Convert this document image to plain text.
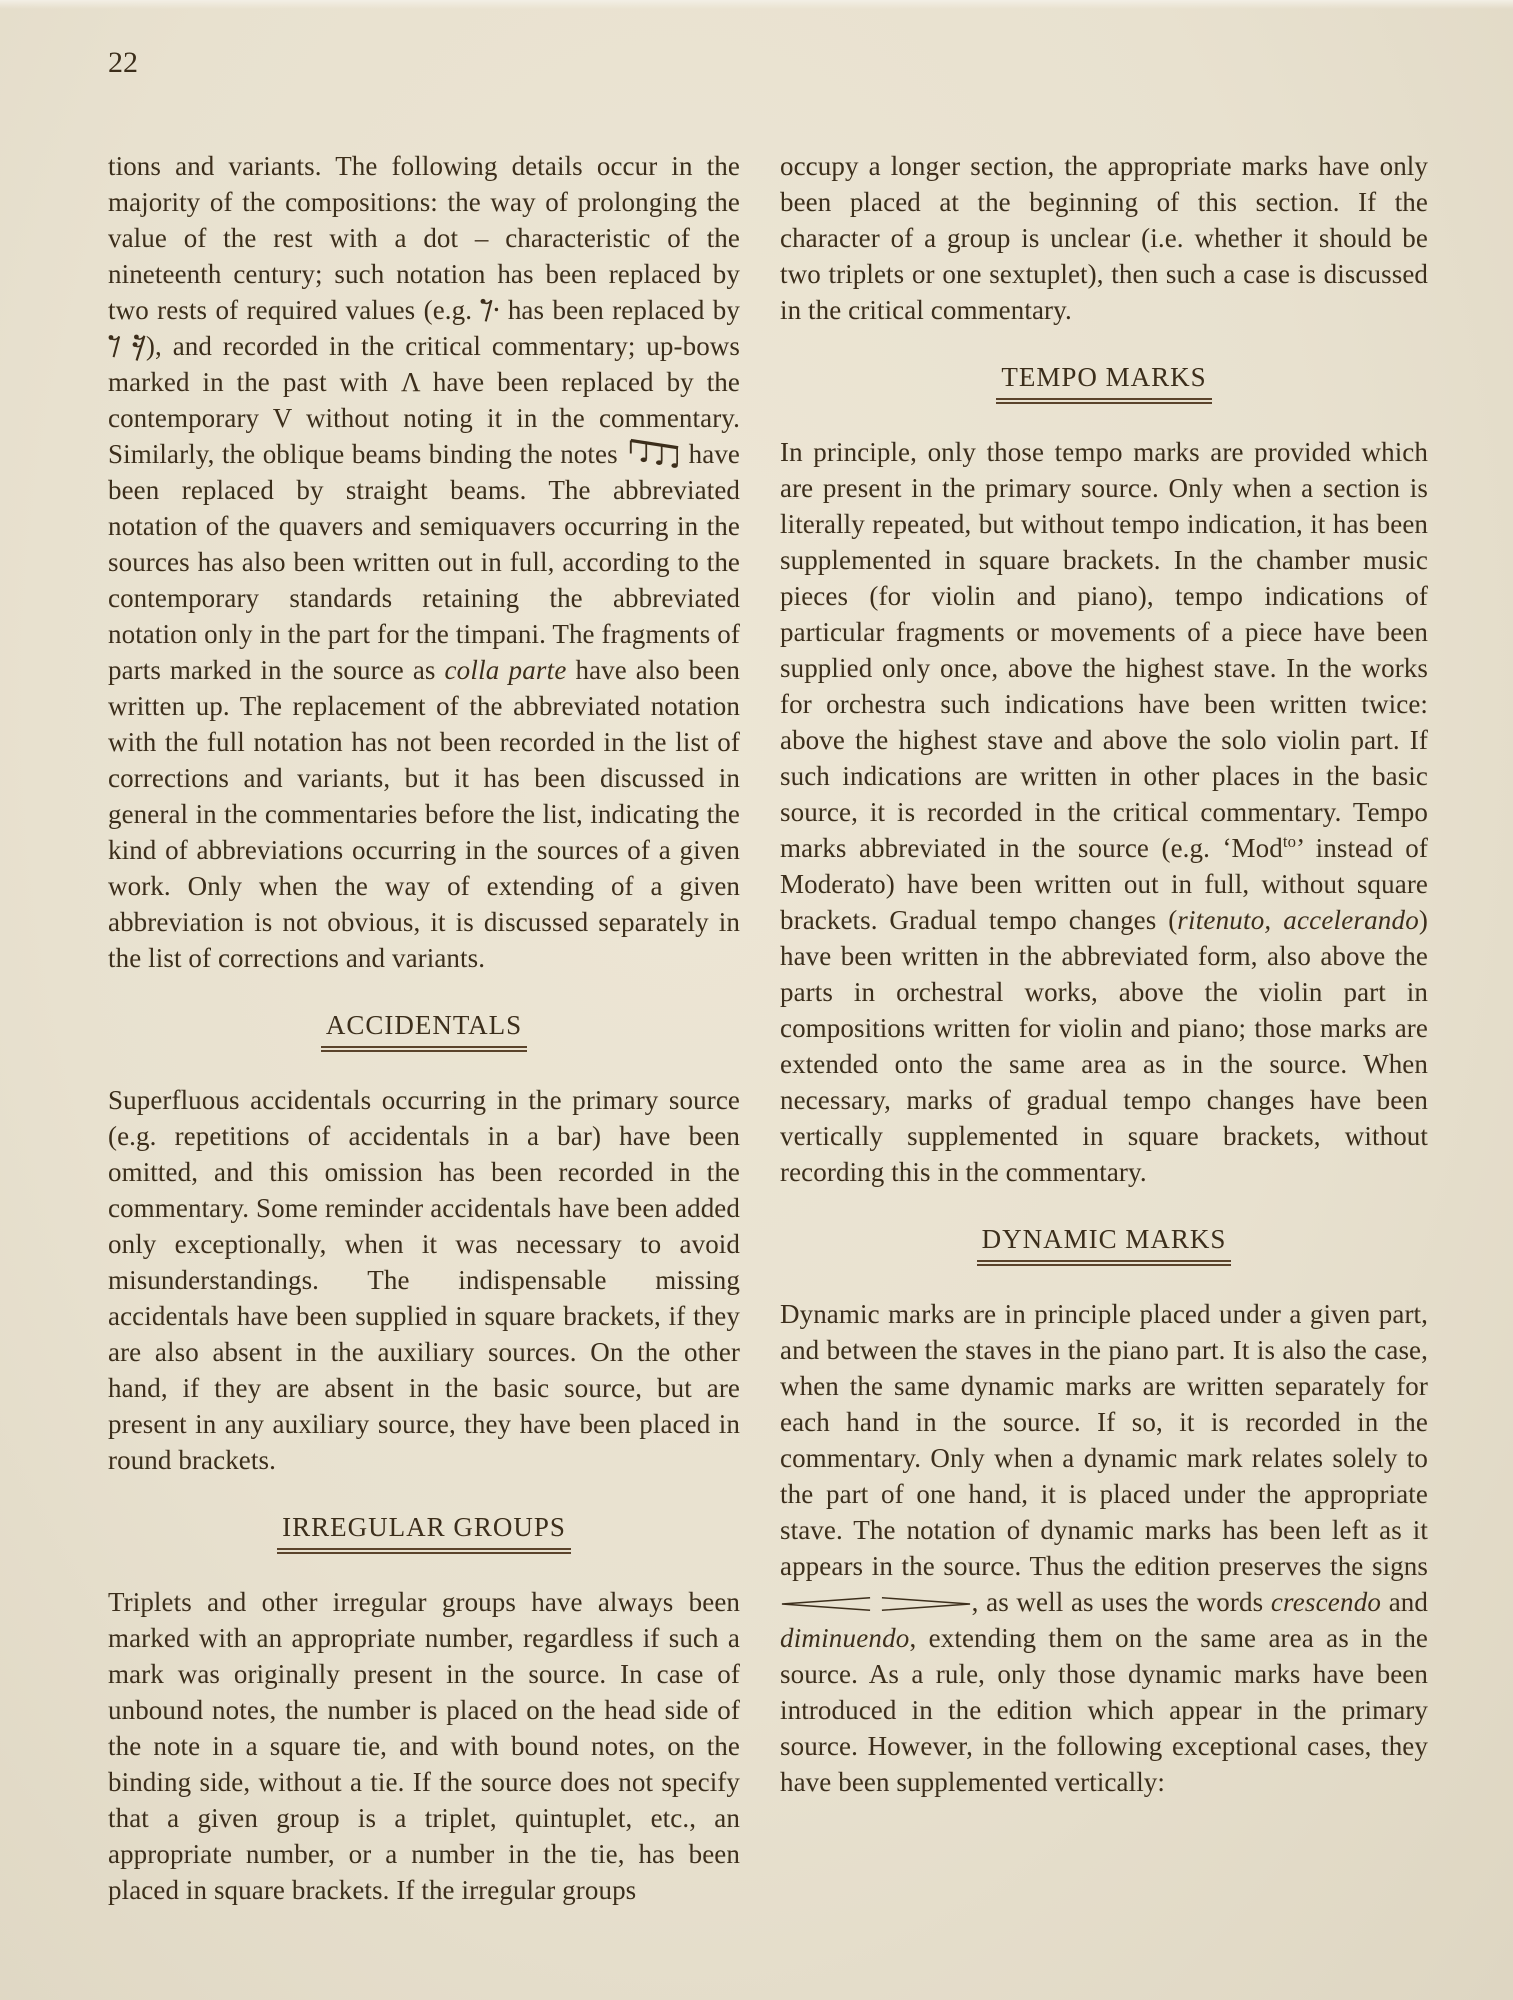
22

tions and variants. The following details occur in the majority of the compositions: the way of prolonging the value of the rest with a dot – characteristic of the nineteenth century; such notation has been replaced by two rests of required values (e.g.  has been replaced by  ), and recorded in the critical commentary; up-bows marked in the past with Λ have been replaced by the contemporary V without noting it in the commentary. Similarly, the oblique beams binding the notes  have been replaced by straight beams. The abbreviated notation of the quavers and semiquavers occurring in the sources has also been written out in full, according to the contemporary standards retaining the abbreviated notation only in the part for the timpani. The fragments of parts marked in the source as colla parte have also been written up. The replacement of the abbreviated notation with the full notation has not been recorded in the list of corrections and variants, but it has been discussed in general in the commentaries before the list, indicating the kind of abbreviations occurring in the sources of a given work. Only when the way of extending of a given abbreviation is not obvious, it is discussed separately in the list of corrections and variants.

ACCIDENTALS

Superfluous accidentals occurring in the primary source (e.g. repetitions of accidentals in a bar) have been omitted, and this omission has been recorded in the commentary. Some reminder accidentals have been added only exceptionally, when it was necessary to avoid misunderstandings. The indispensable missing accidentals have been supplied in square brackets, if they are also absent in the auxiliary sources. On the other hand, if they are absent in the basic source, but are present in any auxiliary source, they have been placed in round brackets.

IRREGULAR GROUPS

Triplets and other irregular groups have always been marked with an appropriate number, regardless if such a mark was originally present in the source. In case of unbound notes, the number is placed on the head side of the note in a square tie, and with bound notes, on the binding side, without a tie. If the source does not specify that a given group is a triplet, quintuplet, etc., an appropriate number, or a number in the tie, has been placed in square brackets. If the irregular groups

occupy a longer section, the appropriate marks have only been placed at the beginning of this section. If the character of a group is unclear (i.e. whether it should be two triplets or one sextuplet), then such a case is discussed in the critical commentary.

TEMPO MARKS

In principle, only those tempo marks are provided which are present in the primary source. Only when a section is literally repeated, but without tempo indication, it has been supplemented in square brackets. In the chamber music pieces (for violin and piano), tempo indications of particular fragments or movements of a piece have been supplied only once, above the highest stave. In the works for orchestra such indications have been written twice: above the highest stave and above the solo violin part. If such indications are written in other places in the basic source, it is recorded in the critical commentary. Tempo marks abbreviated in the source (e.g. ‘Mod$^{to}$’ instead of Moderato) have been written out in full, without square brackets. Gradual tempo changes (ritenuto, accelerando) have been written in the abbreviated form, also above the parts in orchestral works, above the violin part in compositions written for violin and piano; those marks are extended onto the same area as in the source. When necessary, marks of gradual tempo changes have been vertically supplemented in square brackets, without recording this in the commentary.

DYNAMIC MARKS

Dynamic marks are in principle placed under a given part, and between the staves in the piano part. It is also the case, when the same dynamic marks are written separately for each hand in the source. If so, it is recorded in the commentary. Only when a dynamic mark relates solely to the part of one hand, it is placed under the appropriate stave. The notation of dynamic marks has been left as it appears in the source. Thus the edition preserves the signs  , as well as uses the words crescendo and diminuendo, extending them on the same area as in the source. As a rule, only those dynamic marks have been introduced in the edition which appear in the primary source. However, in the following exceptional cases, they have been supplemented vertically:
